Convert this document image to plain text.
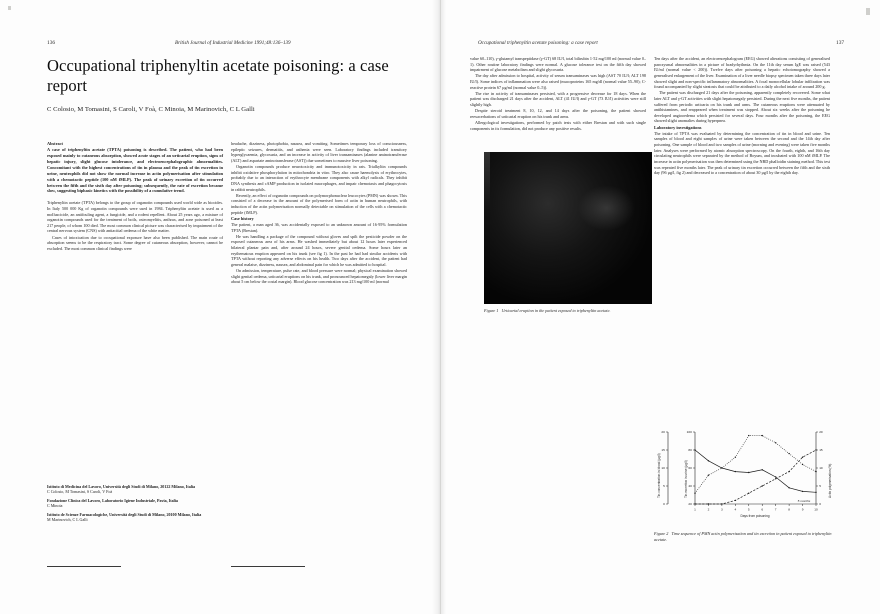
136	British Journal of Industrial Medicine 1991;48:136–139	Occupational triphenyltin acetate poisoning: a case report	137
Occupational triphenyltin acetate poisoning: a case report
C Colosio, M Tomasini, S Caroli, V Foà, C Minoia, M Marinovich, C L Galli

Abstract

A case of triphenyltin acetate (TPTA) poisoning is described. The patient, who had been exposed mainly to cutaneous absorption, showed acute stages of an urticarial eruption, signs of hepatic injury, slight glucose intolerance, and electroencephalographic abnormalities. Concomitant with the highest concentrations of tin in plasma and the peak of tin excretion in urine, neutrophils did not show the normal increase in actin polymerisation after stimulation with a chemotactic peptide (100 nM fMLP). The peak of urinary excretion of tin occurred between the fifth and the sixth day after poisoning; subsequently, the rate of excretion became slow, suggesting biphasic kinetics with the possibility of a cumulative trend.

Triphenyltin acetate (TPTA) belongs to the group of organotin compounds used world wide as biocides. In Italy 500 000 Kg of organotin compounds were used in 1984. Triphenyltin acetate is used as a molluscicide, an antifouling agent, a fungicide, and a rodent repellent. About 25 years ago, a mixture of organotin compounds used for the treatment of boils, osteomyelitis, anthrax, and acne poisoned at least 217 people, of whom 100 died. The most common clinical picture was characterised by impairment of the central nervous system (CNS) with antiacitial oedema of the white matter.

Cases of intoxication due to occupational exposure have also been published. The main route of absorption seems to be the respiratory tract. Some degree of cutaneous absorption, however, cannot be excluded. The most common clinical findings were

headache, dizziness, photophobia, nausea, and vomiting. Sometimes temporary loss of consciousness, epileptic seizures, dermatitis, and asthenia were seen. Laboratory findings included transitory hyperglycaemia, glycosuria, and an increase in activity of liver transaminases (alanine aminotransferase (ALT) and aspartate aminotransferase (AST)) due sometimes to massive liver poisoning.

Organotin compounds produce neurotoxicity and immunotoxicity in rats. Trialkyltin compounds inhibit oxidative phosphorylation in mitochondria in vitro. They also cause haemolysis of erythrocytes, probably due to an interaction of erythrocyte membrane components with alkyl radicals. They inhibit DNA synthesis and cAMP production in isolated macrophages, and impair chemotaxis and phagocytosis in rabbit neutrophils.

Recently, an effect of organotin compounds on polymorphonuclear leucocytes (PMN) was shown. This consisted of a decrease in the amount of the polymerised form of actin in human neutrophils, with induction of the actin polymerisation normally detectable on stimulation of the cells with a chemotactic peptide (fMLP).

Case history

The patient, a man aged 36, was accidentally exposed to an unknown amount of 16·95% formulation TPTA (Brestan).

He was handling a package of the compound without gloves and spilt the pesticide powder on the exposed cutaneous area of his arms. He washed immediately but about 12 hours later experienced bilateral plantar pain and, after around 24 hours, severe genital oedema. Some hours later an erythematous eruption appeared on his trunk (see fig 1). In the past he had had similar accidents with TPTA without reporting any adverse effects on his health. Two days after the accident, the patient had general malaise, dizziness, nausea, and abdominal pain for which he was admitted to hospital.

On admission, temperature, pulse rate, and blood pressure were normal; physical examination showed slight genital oedema, urticarial eruptions on his trunk, and pronounced hepatomegaly (lower liver margin about 5 cm below the costal margin). Blood glucose concentration was 213 mg/100 ml (normal

Istituto di Medicina del Lavoro, Università degli Studi di Milano, 20122 Milano, Italia
C Colosio, M Tomasini, S Caroli, V Foà
Fondazione Clinica del Lavoro, Laboratorio Igiene Industriale, Pavia, Italia
C Minoia
Istituto de Scienze Farmacologiche, Università degli Studi di Milano, 20100 Milano, Italia
M Marinovich, C L Galli

value 60–110), γ-glutamyl transpeptidase (γ-GT) 68 IU/l, total bilirubin 1·52 mg/100 ml (normal value 0–1). Other routine laboratory findings were normal. A glucose tolerance test on the fifth day showed impairment of glucose metabolism and slight glycosuria.

The day after admission to hospital, activity of serum transaminases was high (AST 70 IU/l; ALT 198 IU/l). Some indices of inflammation were also raised (mucoproteins 165 mg/dl (normal value 55–90); C-reactive protein 67 µg/ml (normal value 0–5)).

The rise in activity of transaminases persisted, with a progressive decrease for 18 days. When the patient was discharged 21 days after the accident, ALT (41 IU/l) and γ-GT (73 IU/l) activities were still slightly high.

Despite steroid treatment 8, 10, 12, and 14 days after the poisoning, the patient showed reexacerbations of urticarial eruption on his trunk and arms.

Allergological investigations, performed by patch tests with either Brestan and with such single components in its formulation, did not produce any positive results.

Ten days after the accident, an electroencephalogram (EEG) showed alterations consisting of generalised paroxysmal abnormalities in a picture of bradyrhythmia. On the 11th day serum IgE was raised (543 IU/ml (normal value < 200)). Twelve days after poisoning a hepatic echotomography showed a generalised enlargement of the liver. Examination of a liver needle biopsy specimen taken three days later showed slight and non-specific inflammatory abnormalities. A focal monocellular lobular infiltration was found accompanied by slight steatosis that could be attributed to a daily alcohol intake of around 200 g.

The patient was discharged 21 days after the poisoning, apparently completely recovered. Some what later ALT and γ-GT activities with slight hepatomegaly persisted. During the next five months, the patient suffered from periodic urticaria on his trunk and arms. The cutaneous eruptions were attenuated by antihistamines, and reappeared when treatment was stopped. About six weeks after the poisoning he developed angiooedema which persisted for several days. Four months after the poisoning, the EEG showed slight anomalies during hyperpnea.

Laboratory investigations

The intake of TPTA was evaluated by determining the concentration of tin in blood and urine. Ten samples of blood and eight samples of urine were taken between the second and the 14th day after poisoning. One sample of blood and two samples of urine (morning and evening) were taken five months later. Analyses were performed by atomic absorption spectroscopy. On the fourth, eighth, and 16th day circulating neutrophils were separated by the method of Boyum, and incubated with 100 nM fMLP. The increase in actin polymerisation was then determined using the NBD phalloidin staining method. This test was repeated five months later. The peak of urinary tin excretion occurred between the fifth and the sixth day (96 µg/l, fig 2) and decreased to a concentration of about 30 µg/l by the eighth day.

Figure 1 Urticarial eruption in the patient exposed to triphenyltin acetate.
0
5
10
15
20
Tin concentration in blood (µg/l)
20
40
60
80
100
Tin excretion in urine (µg/l)
1	2	3	4	5	6	7	8	9	10
5 months
Days from poisoning
0
5
10
15
20
Actin polymerisation (%)
Figure 2 Time sequence of PMN actin polymerisation and tin excretion in patient exposed to triphenyltin acetate.
